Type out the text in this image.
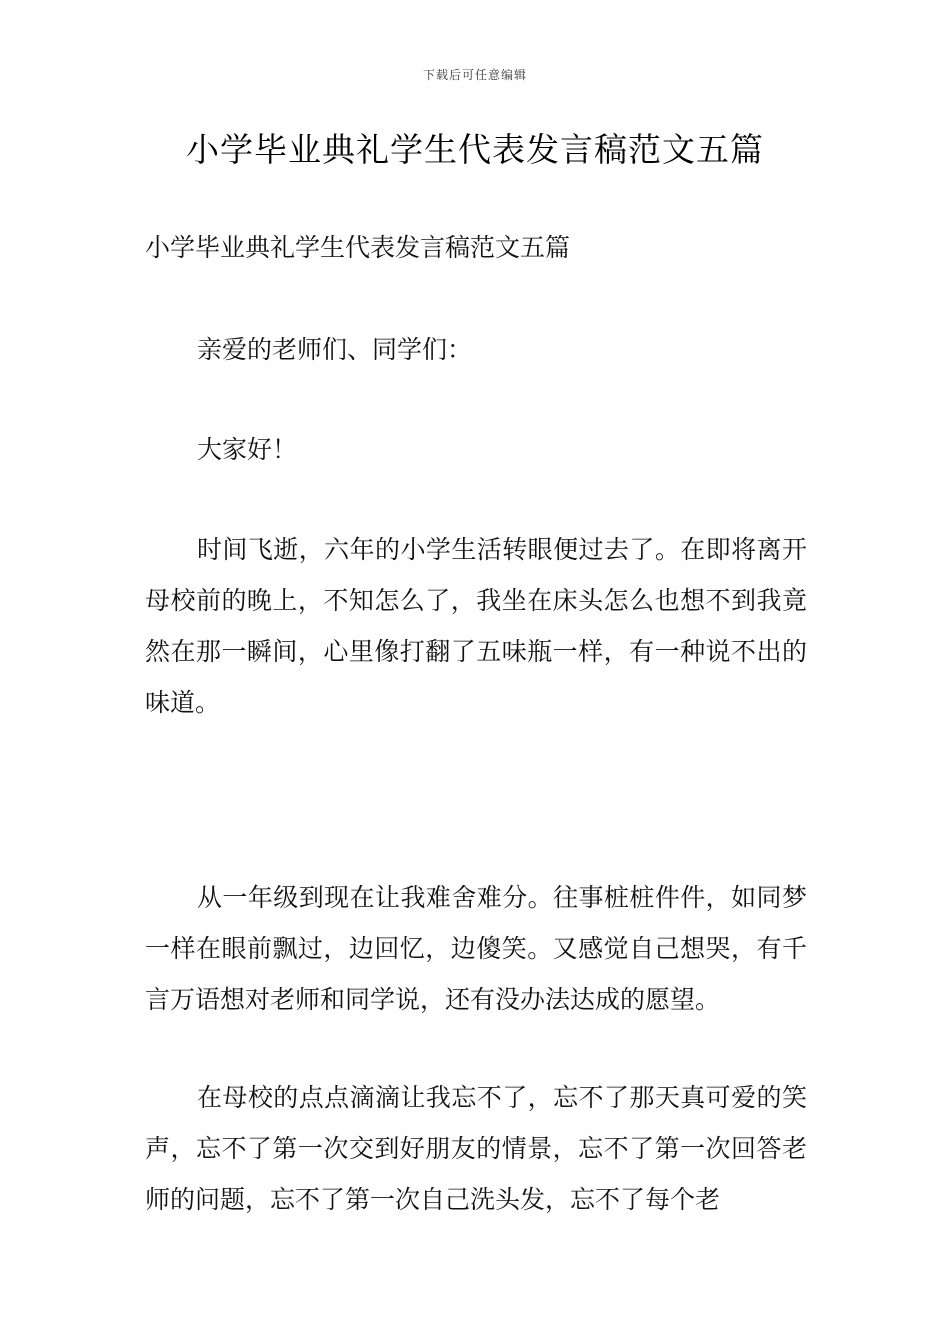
下载后可任意编辑
小学毕业典礼学生代表发言稿范文五篇

小学毕业典礼学生代表发言稿范文五篇

亲爱的老师们、同学们：

大家好！

时间飞逝，六年的小学生活转眼便过去了。在即将离开母校前的晚上，不知怎么了，我坐在床头怎么也想不到我竟然在那一瞬间，心里像打翻了五味瓶一样，有一种说不出的味道。

从一年级到现在让我难舍难分。往事桩桩件件，如同梦一样在眼前飘过，边回忆，边傻笑。又感觉自己想哭，有千言万语想对老师和同学说，还有没办法达成的愿望。

在母校的点点滴滴让我忘不了，忘不了那天真可爱的笑声，忘不了第一次交到好朋友的情景，忘不了第一次回答老师的问题，忘不了第一次自己洗头发，忘不了每个老
